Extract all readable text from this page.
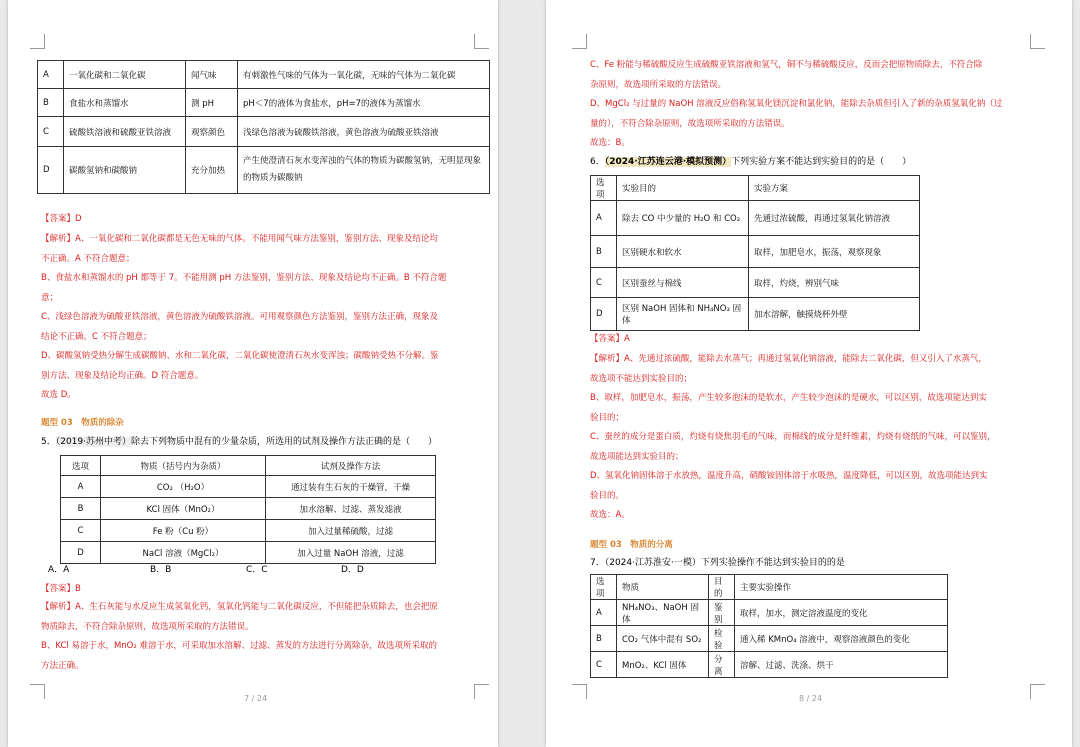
A	一氧化碳和二氧化碳	闻气味	有刺激性气味的气体为一氧化碳，无味的气体为二氧化碳
B	食盐水和蒸馏水	测 pH	pH＜7的液体为食盐水，pH=7的液体为蒸馏水
C	硫酸铁溶液和硫酸亚铁溶液	观察颜色	浅绿色溶液为硫酸铁溶液，黄色溶液为硫酸亚铁溶液
D	碳酸氢钠和碳酸钠	充分加热	产生使澄清石灰水变浑浊的气体的物质为碳酸氢钠，无明显现象的物质为碳酸钠
【答案】D
【解析】A、一氧化碳和二氧化碳都是无色无味的气体。不能用闻气味方法鉴别，鉴别方法、现象及结论均
不正确。A 不符合题意；
B、食盐水和蒸馏水的 pH 都等于 7。不能用测 pH 方法鉴别，鉴别方法、现象及结论均不正确。B 不符合题
意；
C、浅绿色溶液为硫酸亚铁溶液，黄色溶液为硫酸铁溶液。可用观察颜色方法鉴别，鉴别方法正确，现象及
结论不正确。C 不符合题意；
D、碳酸氢钠受热分解生成碳酸钠、水和二氧化碳，二氧化碳使澄清石灰水变浑浊；碳酸钠受热不分解。鉴
别方法、现象及结论均正确。D 符合题意。
故选 D。
题型 03　物质的除杂
5．（2019·苏州中考）除去下列物质中混有的少量杂质，所选用的试剂及操作方法正确的是（　　）
选项	物质（括号内为杂质）	试剂及操作方法
A	CO₂ （H₂O）	通过装有生石灰的干燥管，干燥
B	KCl 固体（MnO₂）	加水溶解、过滤、蒸发滤液
C	Fe 粉（Cu 粉）	加入过量稀硫酸，过滤
D	NaCl 溶液（MgCl₂）	加入过量 NaOH 溶液，过滤
A．A	B．B	C．C	D．D
【答案】B
【解析】A、生石灰能与水反应生成氢氧化钙，氢氧化钙能与二氧化碳反应，不但能把杂质除去，也会把原
物质除去，不符合除杂原则，故选项所采取的方法错误。
B、KCl 易溶于水，MnO₂ 难溶于水，可采取加水溶解、过滤、蒸发的方法进行分离除杂，故选项所采取的
方法正确。
7 / 24
C、Fe 粉能与稀硫酸反应生成硫酸亚铁溶液和氢气，铜不与稀硫酸反应，反而会把原物质除去，不符合除
杂原则，故选项所采取的方法错误。
D、MgCl₂ 与过量的 NaOH 溶液反应俗称氢氧化镁沉淀和氯化钠，能除去杂质但引入了新的杂质氢氧化钠（过
量的），不符合除杂原则，故选项所采取的方法错误。
故选：B。
6．（2024·江苏连云港·模拟预测）下列实验方案不能达到实验目的的是（　　）
选项	实验目的	实验方案
A	除去 CO 中少量的 H₂O 和 CO₂	先通过浓硫酸，再通过氢氧化钠溶液
B	区别硬水和软水	取样，加肥皂水，振荡，观察现象
C	区别蚕丝与棉线	取样，灼烧，辨别气味
D	区别 NaOH 固体和 NH₄NO₃ 固体	加水溶解，触摸烧杯外壁
【答案】A
【解析】A、先通过浓硫酸，能除去水蒸气；再通过氢氧化钠溶液，能除去二氧化碳，但又引入了水蒸气，
故选项不能达到实验目的；
B、取样，加肥皂水，振荡，产生较多泡沫的是软水，产生较少泡沫的是硬水，可以区别，故选项能达到实
验目的；
C、蚕丝的成分是蛋白质，灼烧有烧焦羽毛的气味，而棉线的成分是纤维素，灼烧有烧纸的气味，可以鉴别，
故选项能达到实验目的；
D、氢氧化钠固体溶于水放热，温度升高，硝酸铵固体溶于水吸热，温度降低，可以区别，故选项能达到实
验目的。
故选：A。
题型 03　物质的分离
7．（2024·江苏淮安·一模）下列实验操作不能达到实验目的的是
选项	物质	目的	主要实验操作
A	NH₄NO₃、NaOH 固体	鉴别	取样，加水，测定溶液温度的变化
B	CO₂ 气体中混有 SO₂	检验	通入稀 KMnO₄ 溶液中，观察溶液颜色的变化
C	MnO₂、KCl 固体	分离	溶解、过滤、洗涤、烘干
8 / 24
